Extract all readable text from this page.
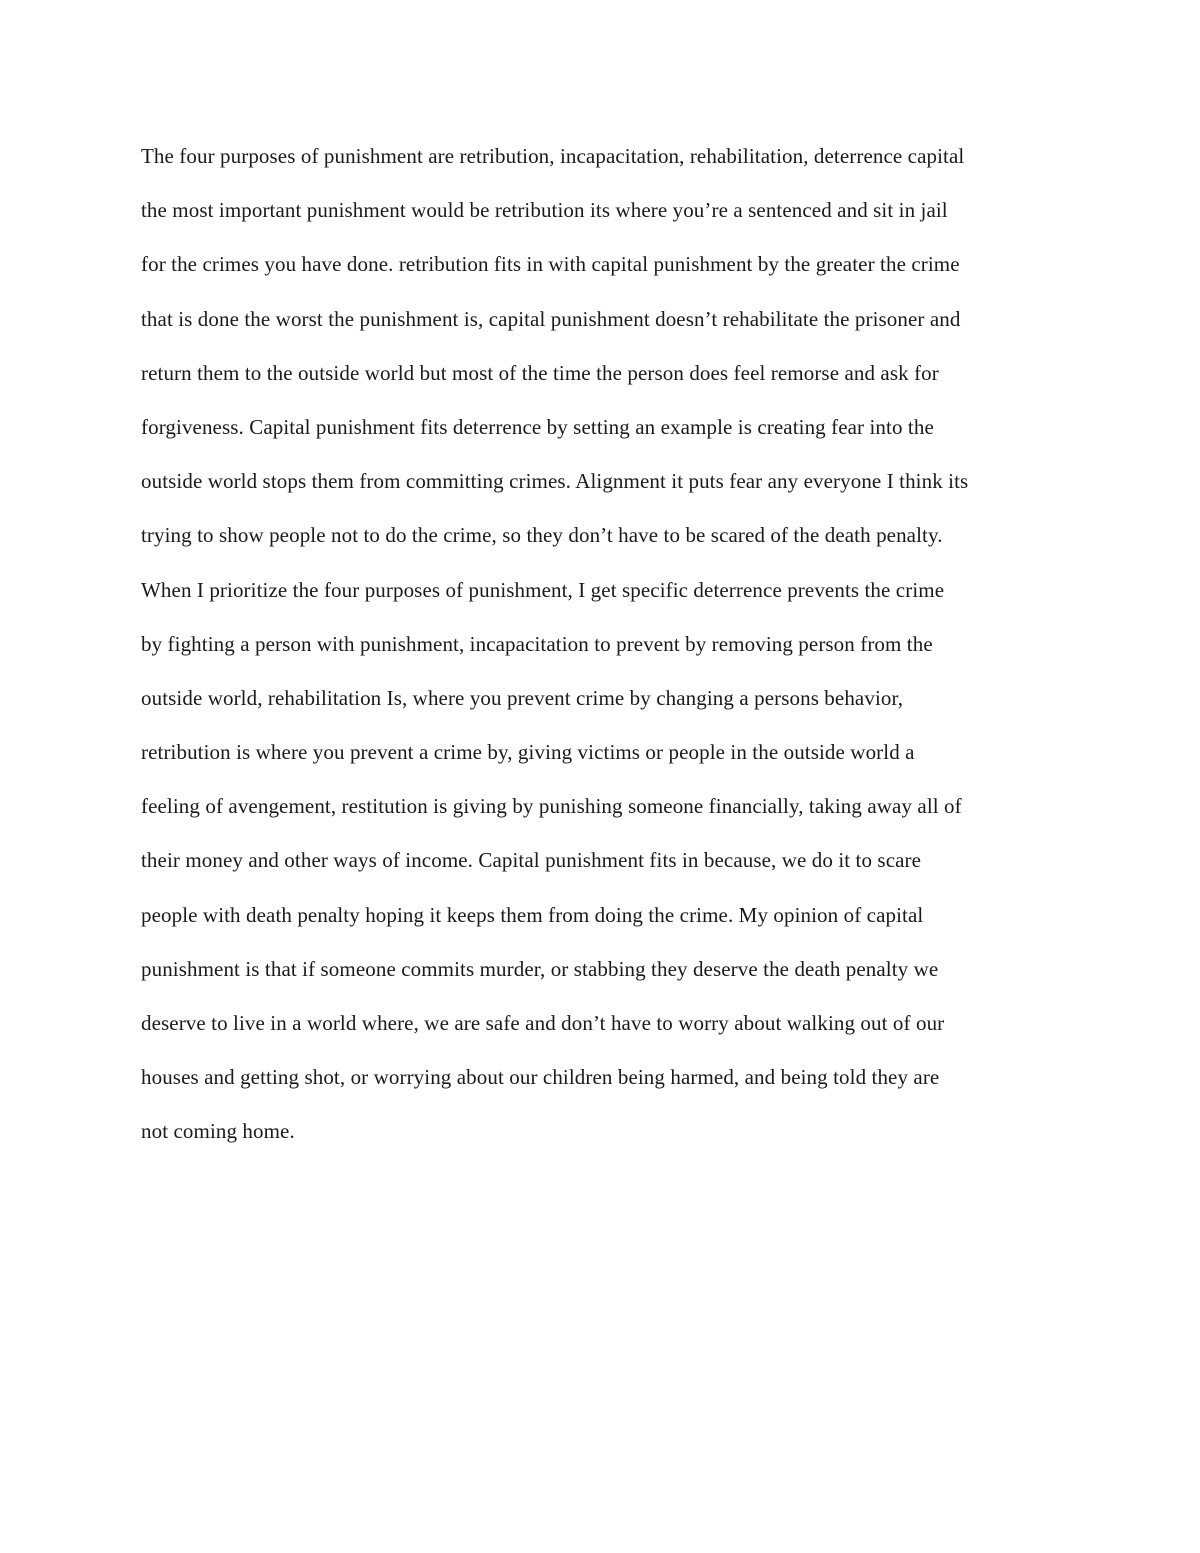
The four purposes of punishment are retribution, incapacitation, rehabilitation, deterrence capital
the most important punishment would be retribution its where you’re a sentenced and sit in jail
for the crimes you have done. retribution fits in with capital punishment by the greater the crime
that is done the worst the punishment is, capital punishment doesn’t rehabilitate the prisoner and
return them to the outside world but most of the time the person does feel remorse and ask for
forgiveness. Capital punishment fits deterrence by setting an example is creating fear into the
outside world stops them from committing crimes. Alignment it puts fear any everyone I think its
trying to show people not to do the crime, so they don’t have to be scared of the death penalty.
When I prioritize the four purposes of punishment, I get specific deterrence prevents the crime
by fighting a person with punishment, incapacitation to prevent by removing person from the
outside world, rehabilitation Is, where you prevent crime by changing a persons behavior,
retribution is where you prevent a crime by, giving victims or people in the outside world a
feeling of avengement, restitution is giving by punishing someone financially, taking away all of
their money and other ways of income. Capital punishment fits in because, we do it to scare
people with death penalty hoping it keeps them from doing the crime. My opinion of capital
punishment is that if someone commits murder, or stabbing they deserve the death penalty we
deserve to live in a world where, we are safe and don’t have to worry about walking out of our
houses and getting shot, or worrying about our children being harmed, and being told they are
not coming home.
